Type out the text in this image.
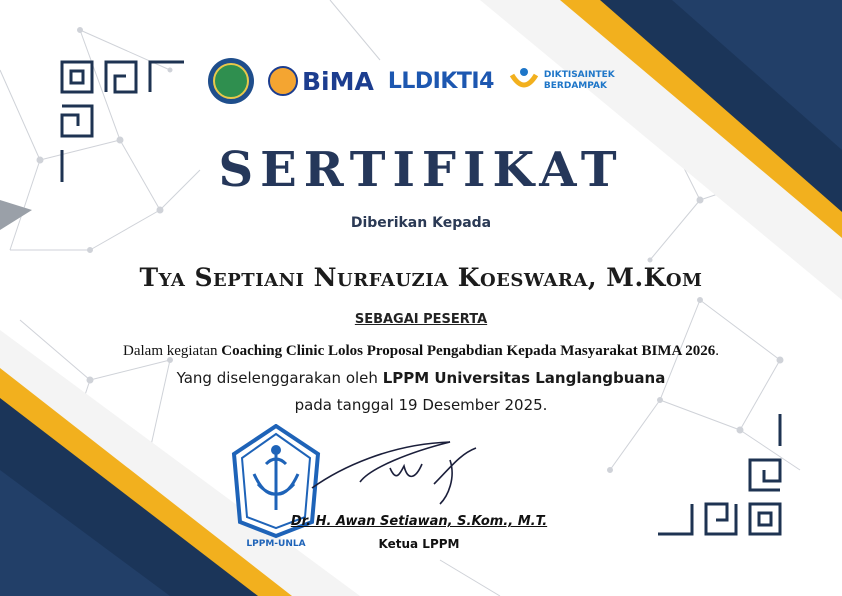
BiMA LLDIKTI4	DIKTISAINTEK
BERDAMPAK
SERTIFIKAT
Diberikan Kepada
Tya Septiani Nurfauzia Koeswara, M.Kom
SEBAGAI PESERTA
Dalam kegiatan Coaching Clinic Lolos Proposal Pengabdian Kepada Masyarakat BIMA 2026.
Yang diselenggarakan oleh LPPM Universitas Langlangbuana
pada tanggal 19 Desember 2025.
LPPM-UNLA
Dr. H. Awan Setiawan, S.Kom., M.T.
Ketua LPPM
